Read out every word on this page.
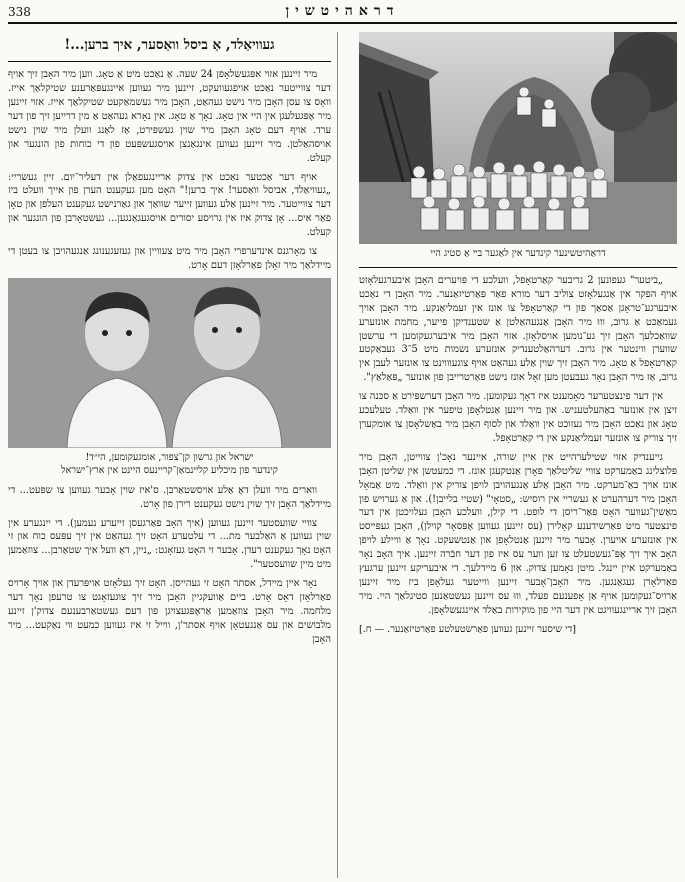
דראהיטשין
338
דראַהיטשינער קינדער אין לאַגער בײ אַ סטיג היי

„ביטער" געפונען 2 גריבער קאַרטאָפל, וועלכע די פּויערים האָבן איבערגעלאָזט אויף הפקר אין אַנגעלאָזט צוליב דער מורא פאַר פּאַרטיזאַנער. מיר האָבן די נאַכט איבערגע־טראָגן אַסאַך פון די קאַרטאָפל צו אונז אין זעמליאַנקע. מיר האָבן אויך געמאַכט אַ גרוב, וווּ מיר האָבן אַנגעהאַלטן אַ שטענדיקן פייער, מחמת אונזערע שוואַכלעך האָבן זיך גע־נומען אויסלאָזן. אזוי האָבן מיר איבערגעקומען די ערשטן שווערן ווינטער אין גרוב. דערהאַלטענדיק אונזערע נשמות מיט 5־3 געבאַקטע קאַרטאָפל אַ טאָג. מיר האָבן זיך שוין אַלע געהאַט אויף צוגעוווינט צו אונזער לעבן אין גרוב, אַז מיר האָבן נאָר געבעטן מען זאָל אונז נישט פאַרטרייבן פון אונזער „פּאַלאַץ".

אין דער פינצטערער מאָמענט איז דאָך געקומען. מיר האָבן דערשפּירט אַ סכּנה צו זיצן אין אונזער באַהעלטעניש. און מיר זיינען אַנטלאָפן טיפער אין וואַלד. טעלעכע טאָג און נאַכט האָבן מיר געזוכט אין וואַלד און לסוף האָבן מיר באַשלאָסן צו אומקערן זיך צוריק צו אונזער זעמליאַנקע אין די קאַרטאָפל.

גייענדיק אזוי שטילערהייט אין איין שורה, איינער נאָכ'ן צווייטן, האָבן מיר פּלוצלינג באַמערקט צוויי שליטלאַך פאָרן אַנטקעגן אונז. די כמעטשן אין שליטן האָבן אונז אויך באַ־מערקט. מיר האָבן אַלע אַנגעהויבן לויפן צוריק אין וואַלד. מיט אַמאָל האָבן מיר דערהערט אַ געשריי אין רוסיש: „סטאָי" (שטיי בלייבן!). און אַ גערויש פון מאַשין־געווער האָט פאַר־ריסן די לופט. די קילן, וועלכע האָבן געלויכטן אין דער פינצטער מיט פאַרשידענע קאָלירן (עס זיינען געווען אָפּסאָר קוילן), האָבן געפּייסט אין אונזערע אויערן. אָבער מיר זיינען אַנטלאָפן און אַנטשעקט. נאָך אַ וויילע לויפן האָב איך זיך אָפּ־געשטעלט צו זען ווער עס איז פון דער חבֿרה זיינען. איך האָב נאָר באַמערקט איין יינגל. מיטן נאָמען צדוק. און 6 מיידלעך. די איבעריקע זיינען ערגעץ פאַרלאָרן געגאַנגען. מיר האָבן־אָבער זיינען ווייטער געלאָפן ביז מיר זיינען אַרויס־געקומען אויף אַן אָפענעם פעלד, וווּ עס זיינען געשטאַנען סטיגלאַך היי. מיר האָבן זיך אריינגעוויגט אין דער היי פון מוקירות באַלד איינגעשלאָפן.

[די שיסער זיינען געווען פאַרשטעלטע פאַרטיזאַנער. — ח.]
געוויאַלד, אַ ביסל וואַסער, איך ברען...!

מיר זיינען אזוי אפּגעשלאָפן 24 שעה. אַ נאַכט מיט אַ טאָג. ווען מיר האָבן זיך אויף דער צווייטער נאַכט אויפגעוועקט, זיינען מיר געווען איינגעפּאַרענע שטיקלאַך אייז. וואָס צו עסן האָבן מיר נישט געהאַט, האָבן מיר געשמאַקעט שטיקלאַך אייז. אזוי זיינען מיר אָפּגעלעגן אין היי אין טאָג. נאָך אַ טאָג. אין נאָרא געהאַט אַ מין דרייען זיך פון דער ערד. אויף דעם טאָג האָבן מיר שוין געשפּירט, אַז לאַנג וועלן מיר שוין נישט אויסהאַלטן. מיר זיינען געווען אינגאַנצן אויסגעשפּעט פון די כוחות פון הונגער און קעלט.

אויף דער אַכטער נאַכט אין צדוק אריינגעפאַלן אין דעליר־יום. זיין געשריי: „געוויאַלד, אביסל וואַסער! איך ברען!" האָט מען געקענט הערן פון אייך וועלט ביז דער צווייטער. מיר זיינען אַלע געווען זייער שוואַך און גאַרנישט געקענט העלפן און טאָן פאַר איס... אָן צדוק איז אין גרויסע יסורים אויסגעגאַנגען... געשטאָרבן פון הונגער און קעלט.

צו מאָרגנס אינדערפרי האָבן מיר מיט צעוויין און געזעגענונג אַנגעהויבן צו בעטן די מיידלאַך מיר זאָלן פאַרלאָזן דעם אָרט.

ישראל און גרשון קן־צפור, אומגעקומען, הי״ד!
קינדער פון מיכליע קליינמאַן־קריינעס היינט אין ארץ־ישראל

ווארים מיר וועלן דאָ אַלע אויסשטאַרבן. ס'איז שוין אָבער געווען צו שפּעט... די מיידלאַך האָבן זיך שוין נישט געקענט רירן פון אָרט.

צוויי שוועסטער זיינען געווען (איך האָב פאַרגעסן זייערע נעמען). די יינגערע אין שוין געווען אַ האַלבער מת... די עלטערע האָט זיך געהאַט אין זיך עפּעס כוח און זי האָט נאָך געקענט רעדן. אָבער זי האָט געזאָגט: „ניין, דאָ וועל איך שטאַרבן... צוזאַמען מיט מיין שוועסטער".

נאָר איין מיידל, אסתר האָט זי געהייסן. האָט זיך געלאָזט אויפּרעדן און אויך אָרויס פאַרלאָזן דאָס אָרט. ביים אַוועקגיין האָבן מיר זיך צוגעזאָגט צו טרעפן נאָך דער מלחמה. מיר האָבן צוזאַמען אַראָפּגעצויגן פון דעם געשטאַרבענעם צדוק'ן זיינע מלבושים און עס אַנגעטאָן אויף אסתר'ן, ווייל זי איז געווען כמעט ווי נאַקעט... מיר האָבן
